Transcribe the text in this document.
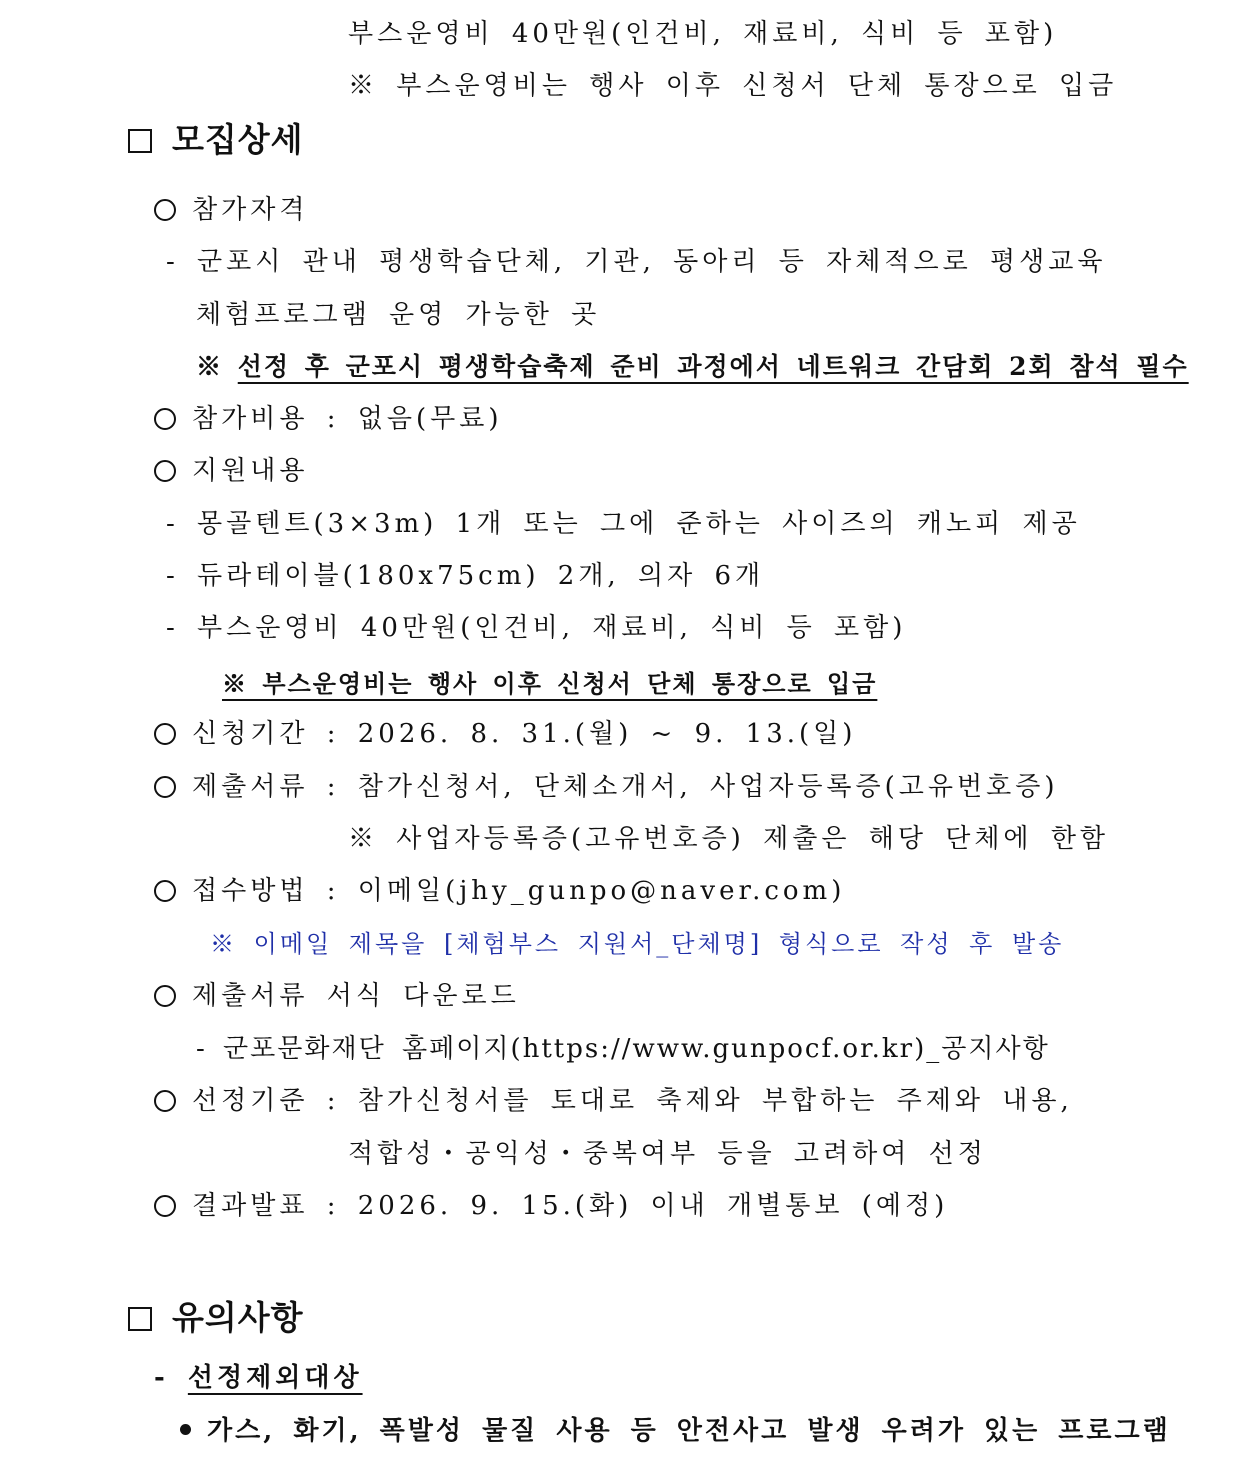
부스운영비 40만원(인건비, 재료비, 식비 등 포함)
※ 부스운영비는 행사 이후 신청서 단체 통장으로 입금
모집상세
참가자격
- 군포시 관내 평생학습단체, 기관, 동아리 등 자체적으로 평생교육
체험프로그램 운영 가능한 곳
※ 선정 후 군포시 평생학습축제 준비 과정에서 네트워크 간담회 2회 참석 필수
참가비용 : 없음(무료)
지원내용
- 몽골텐트(3×3m) 1개 또는 그에 준하는 사이즈의 캐노피 제공
- 듀라테이블(180x75cm) 2개, 의자 6개
- 부스운영비 40만원(인건비, 재료비, 식비 등 포함)
※ 부스운영비는 행사 이후 신청서 단체 통장으로 입금
신청기간 : 2026. 8. 31.(월) ~ 9. 13.(일)
제출서류 : 참가신청서, 단체소개서, 사업자등록증(고유번호증)
※ 사업자등록증(고유번호증) 제출은 해당 단체에 한함
접수방법 : 이메일(jhy_gunpo@naver.com)
※ 이메일 제목을 [체험부스 지원서_단체명] 형식으로 작성 후 발송
제출서류 서식 다운로드
- 군포문화재단 홈페이지(https://www.gunpocf.or.kr)_공지사항
선정기준 : 참가신청서를 토대로 축제와 부합하는 주제와 내용,
적합성・공익성・중복여부 등을 고려하여 선정
결과발표 : 2026. 9. 15.(화) 이내 개별통보 (예정)
유의사항
- 선정제외대상
가스, 화기, 폭발성 물질 사용 등 안전사고 발생 우려가 있는 프로그램
